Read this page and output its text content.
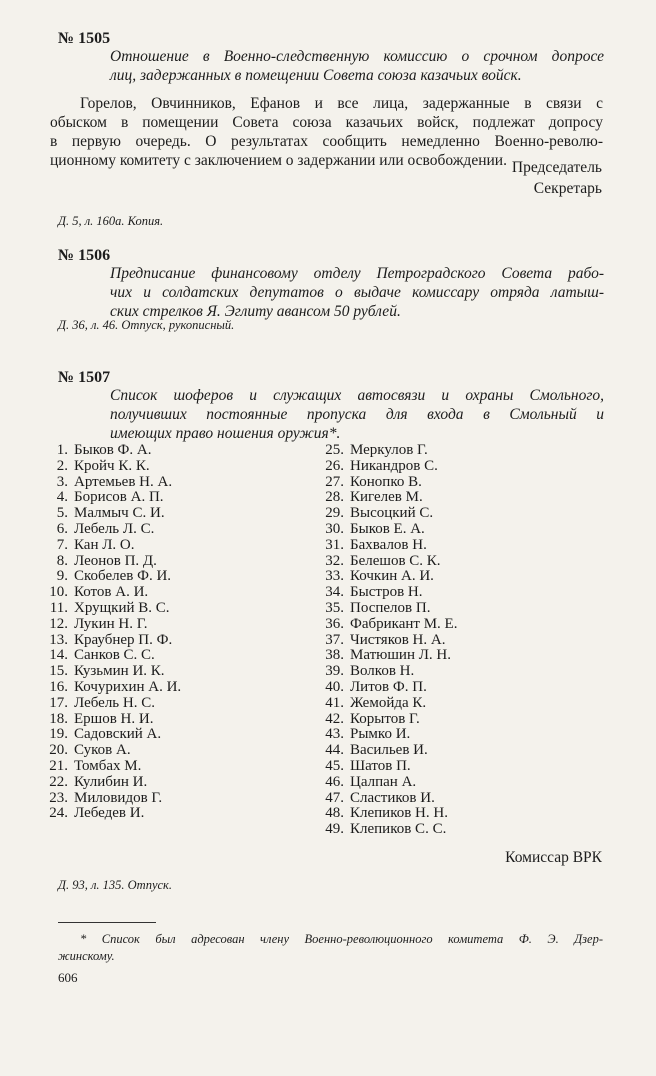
№ 1505
Отношение в Военно-следственную комиссию о срочном допросе
лиц, задержанных в помещении Совета союза казачьих войск.
Горелов, Овчинников, Ефанов и все лица, задержанные в связи с
обыском в помещении Совета союза казачьих войск, подлежат допросу
в первую очередь. О результатах сообщить немедленно Военно-револю-
ционному комитету с заключением о задержании или освобождении. Председатель
Секретарь
Д. 5, л. 160а. Копия.
№ 1506
Предписание финансовому отделу Петроградского Совета рабо-
чих и солдатских депутатов о выдаче комиссару отряда латыш-
ских стрелков Я. Эглиту авансом 50 рублей.
Д. 36, л. 46. Отпуск, рукописный.
№ 1507
Список шоферов и служащих автосвязи и охраны Смольного,
получивших постоянные пропуска для входа в Смольный и
имеющих право ношения оружия*.
1. Быков Ф. А.
2. Кройч К. К.
3. Артемьев Н. А.
4. Борисов А. П.
5. Малмыч С. И.
6. Лебель Л. С.
7. Кан Л. О.
8. Леонов П. Д.
9. Скобелев Ф. И.
10. Котов А. И.
11. Хрущкий В. С.
12. Лукин Н. Г.
13. Краубнер П. Ф.
14. Санков С. С.
15. Кузьмин И. К.
16. Кочурихин А. И.
17. Лебель Н. С.
18. Ершов Н. И.
19. Садовский А.
20. Суков А.
21. Томбах М.
22. Кулибин И.
23. Миловидов Г.
24. Лебедев И.
25. Меркулов Г.
26. Никандров С.
27. Конопко В.
28. Кигелев М.
29. Высоцкий С.
30. Быков Е. А.
31. Бахвалов Н.
32. Белешов С. К.
33. Кочкин А. И.
34. Быстров Н.
35. Поспелов П.
36. Фабрикант М. Е.
37. Чистяков Н. А.
38. Матюшин Л. Н.
39. Волков Н.
40. Литов Ф. П.
41. Жемойда К.
42. Корытов Г.
43. Рымко И.
44. Васильев И.
45. Шатов П.
46. Цалпан А.
47. Сластиков И.
48. Клепиков Н. Н.
49. Клепиков С. С.
Комиссар ВРК
Д. 93, л. 135. Отпуск.
* Список был адресован члену Военно-революционного комитета Ф. Э. Дзер-
жинскому.
606
